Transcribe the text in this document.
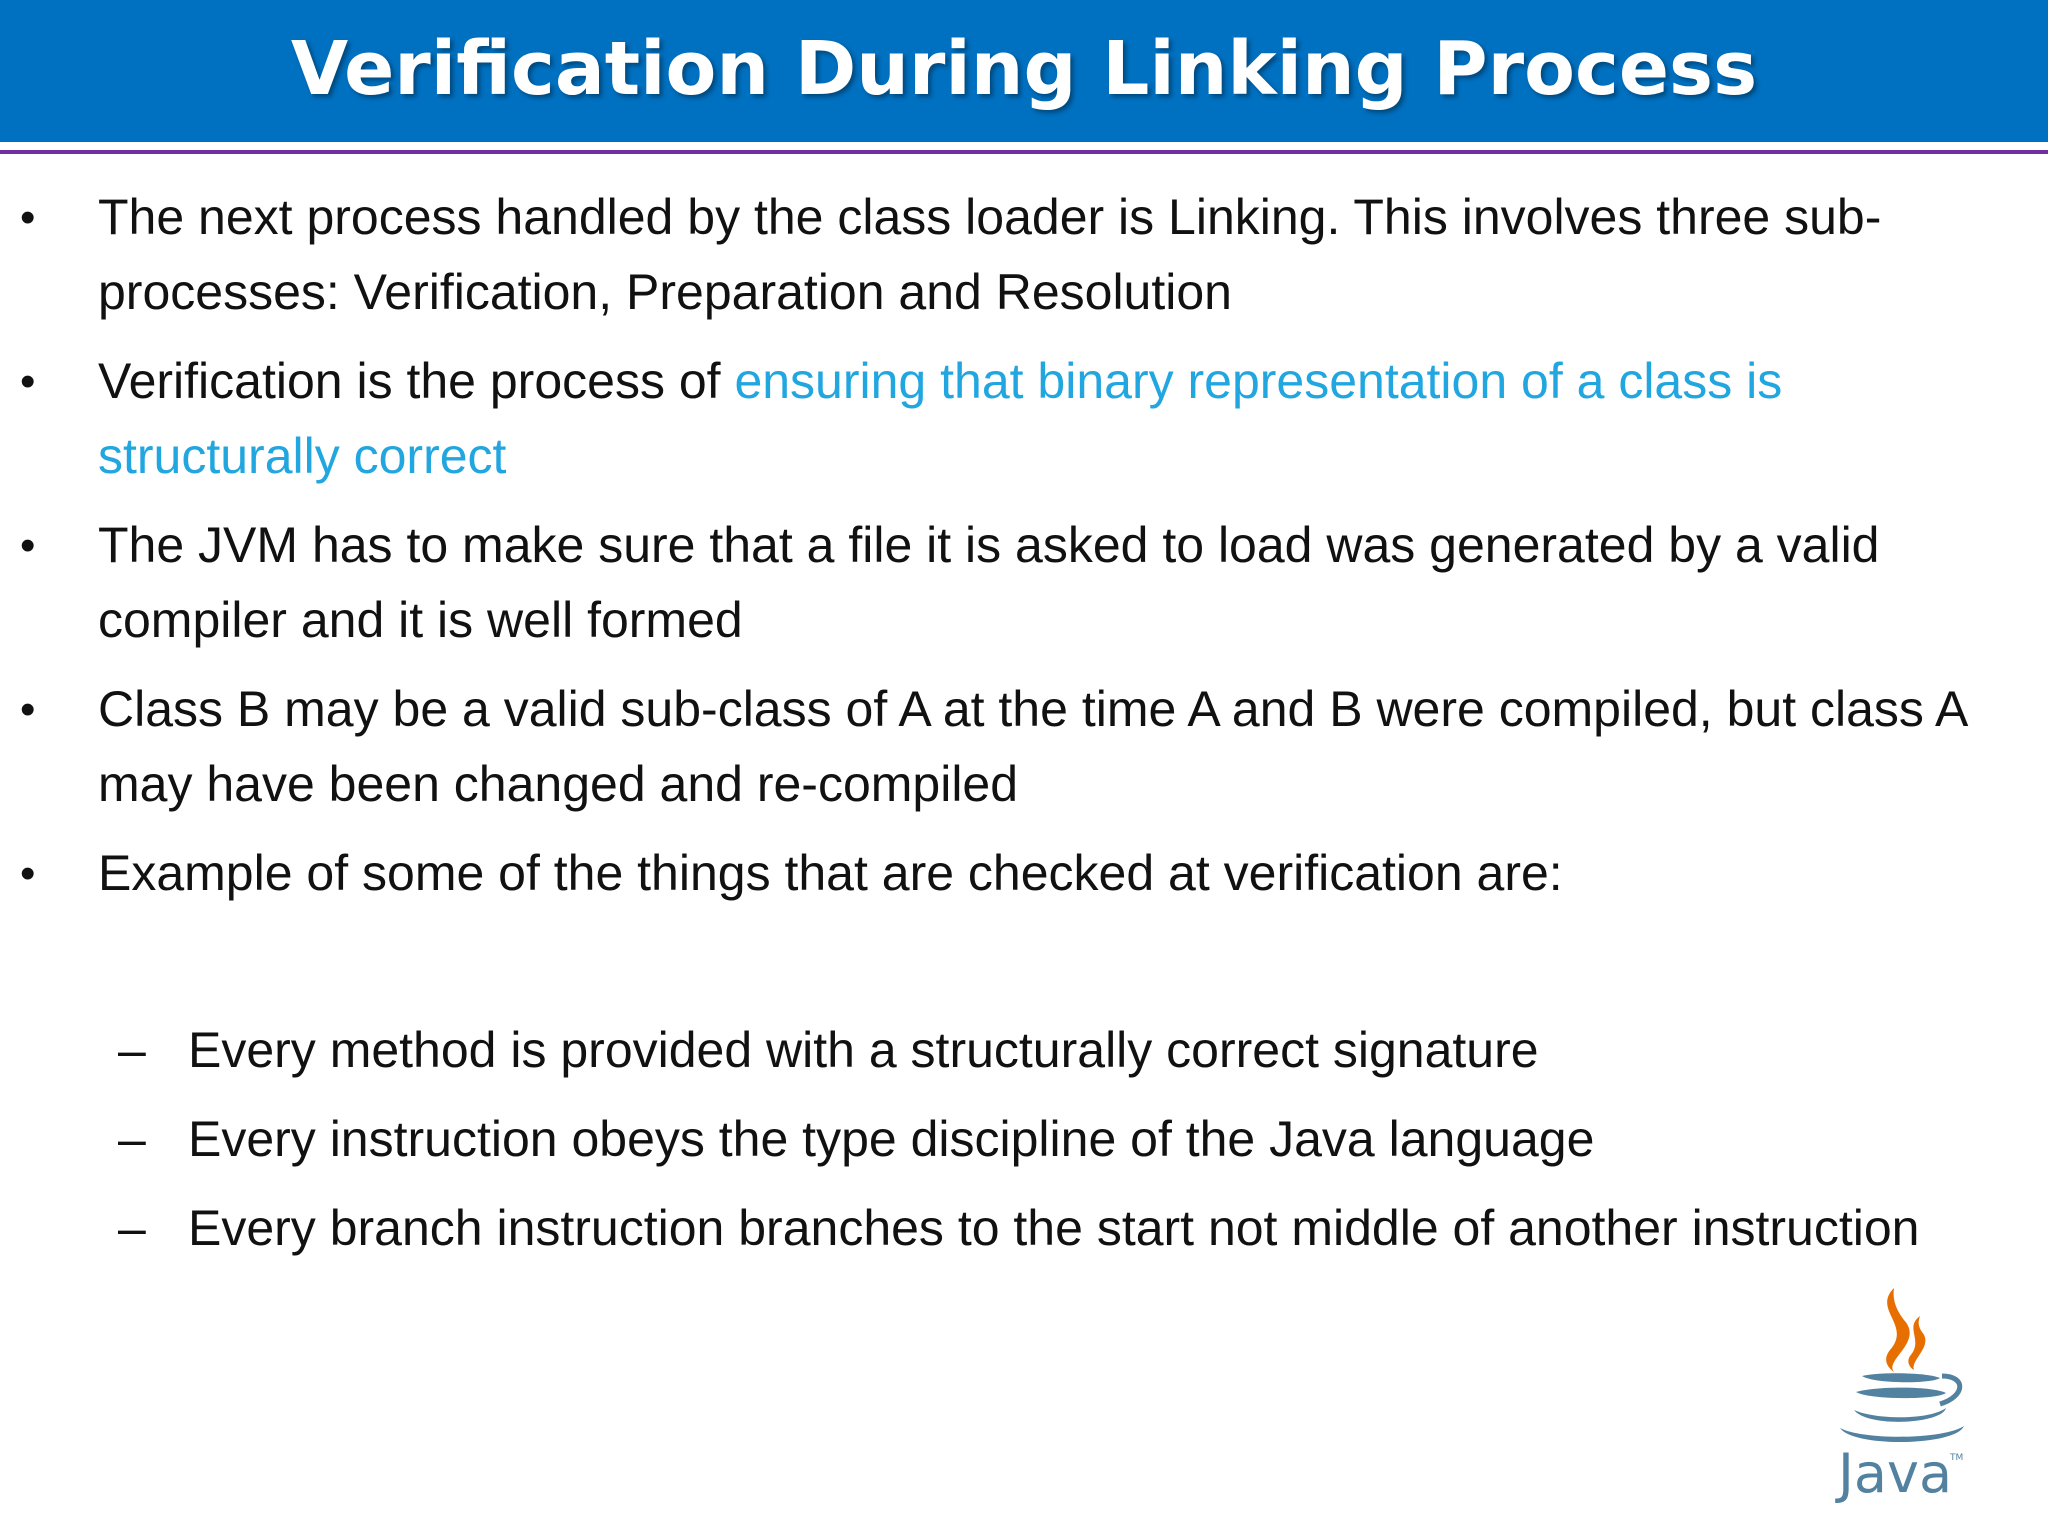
Verification During Linking Process
• The next process handled by the class loader is Linking. This involves three sub-processes: Verification, Preparation and Resolution
• Verification is the process of ensuring that binary representation of a class is structurally correct
• The JVM has to make sure that a file it is asked to load was generated by a valid compiler and it is well formed
• Class B may be a valid sub-class of A at the time A and B were compiled, but class A may have been changed and re-compiled
• Example of some of the things that are checked at verification are:
– Every method is provided with a structurally correct signature
– Every instruction obeys the type discipline of the Java language
– Every branch instruction branches to the start not middle of another instruction
Java
TM
